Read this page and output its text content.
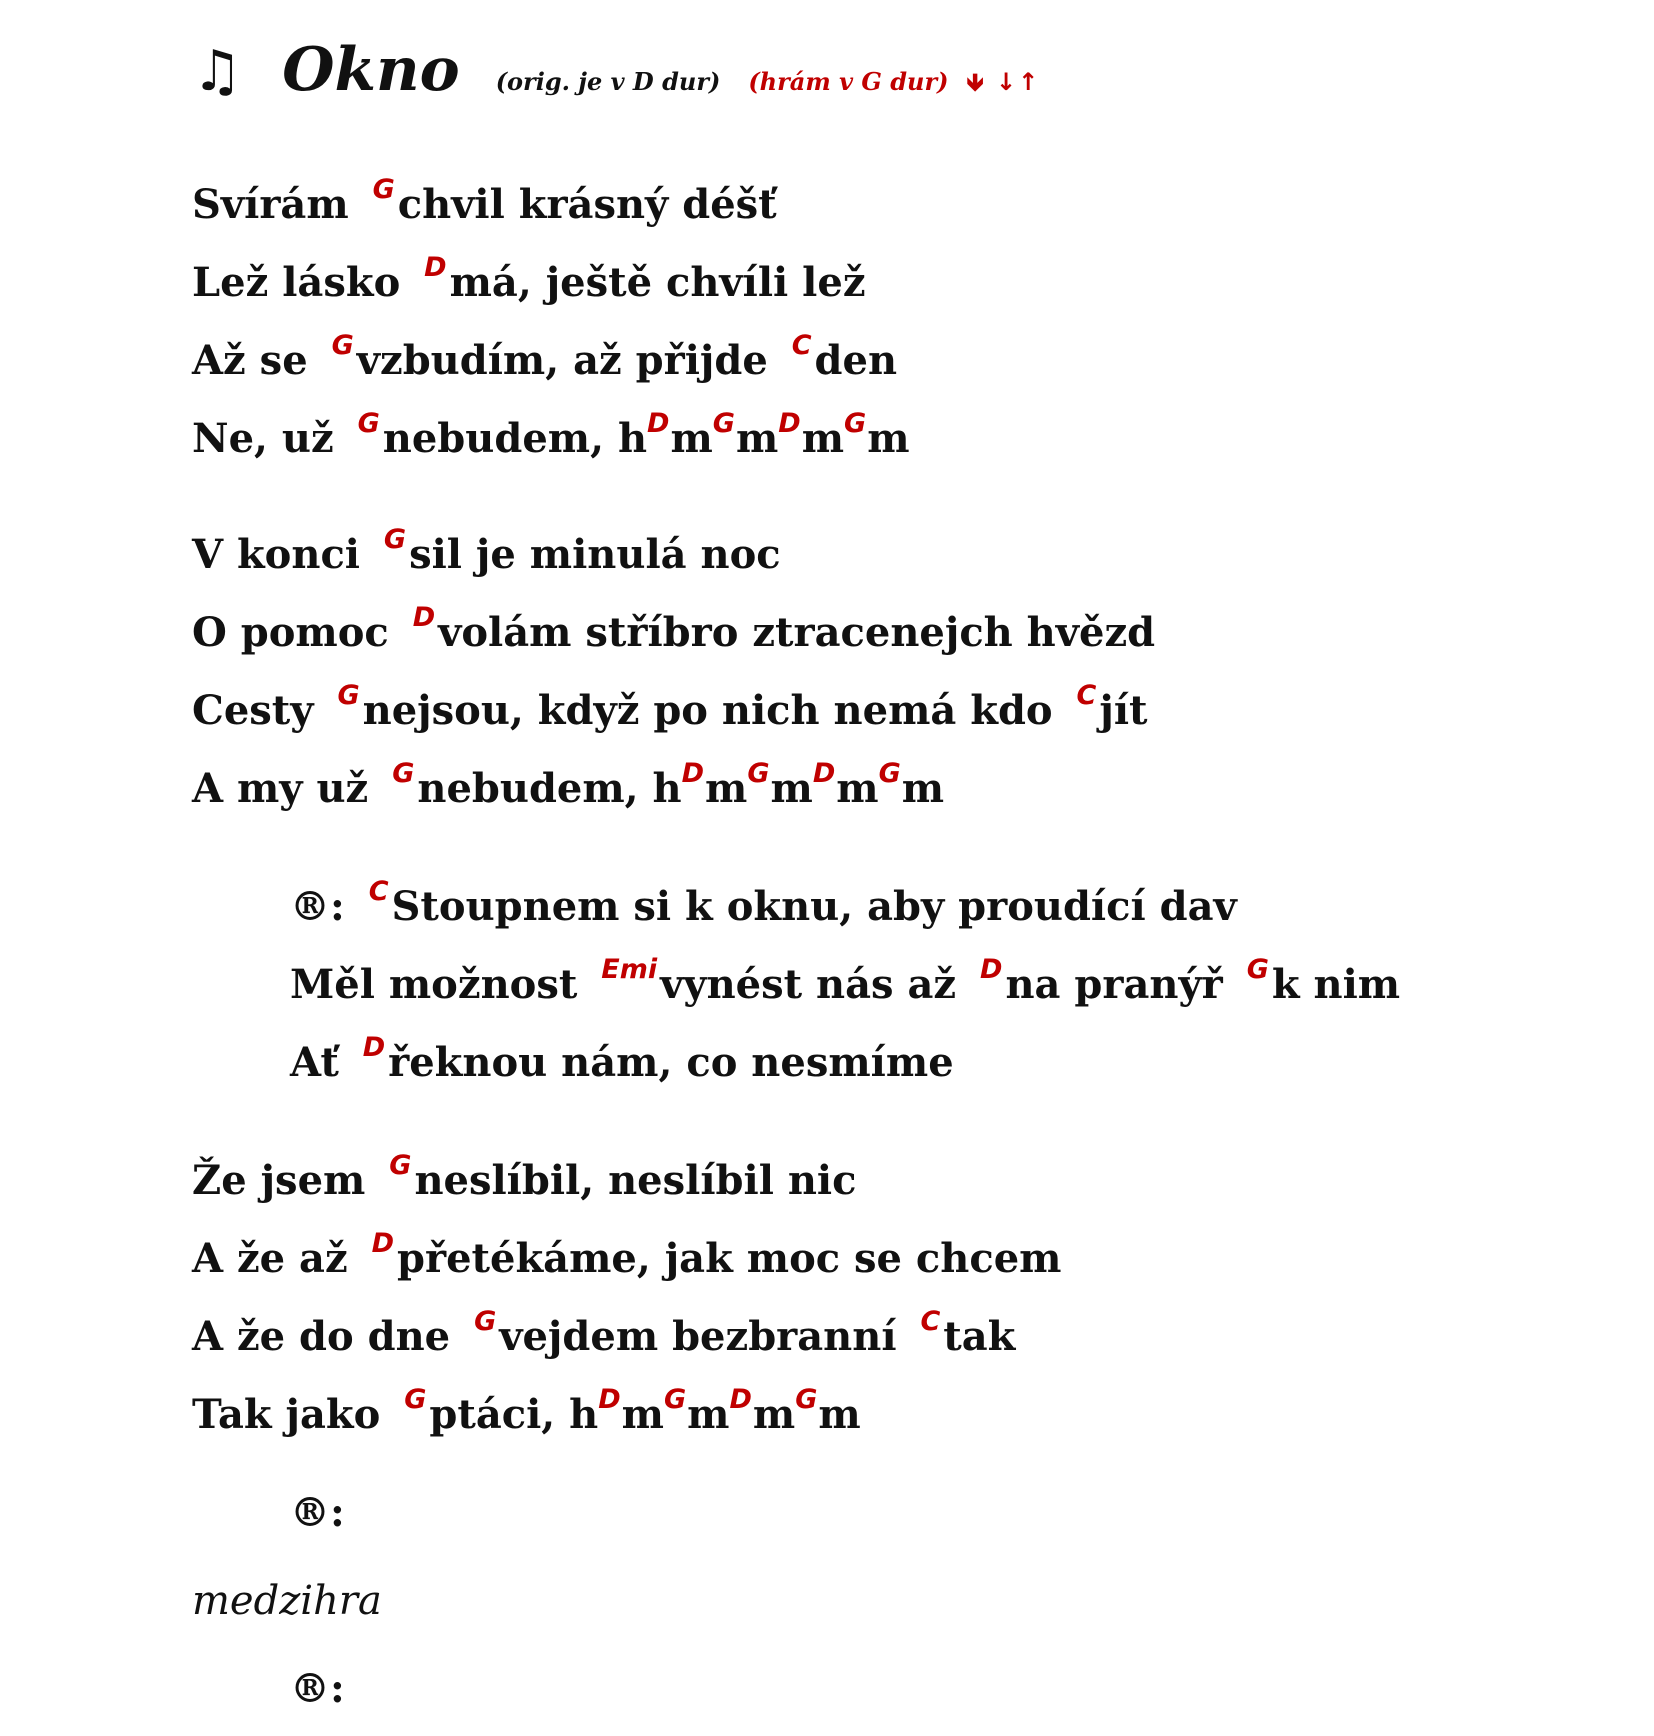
♫ Okno (orig. je v D dur) (hrám v G dur) 🡻 ↓↑
Svírám $^G$chvil krásný déšť
Lež lásko $^D$má, ještě chvíli lež
Až se $^G$vzbudím, až přijde $^C$den
Ne, už $^G$nebudem, $h^Dm^Gm^Dm^Gm$
V konci $^G$sil je minulá noc
O pomoc $^D$volám stříbro ztracenejch hvězd
Cesty $^G$nejsou, když po nich nemá kdo $^C$jít
A my už $^G$nebudem, $h^Dm^Gm^Dm^Gm$
®: $^C$Stoupnem si k oknu, aby proudící dav
Měl možnost $^{Emi}$vynést nás až $^D$na pranýř $^G$k nim
Ať $^D$řeknou nám, co nesmíme
Že jsem $^G$neslíbil, neslíbil nic
A že až $^D$přetékáme, jak moc se chcem
A že do dne $^G$vejdem bezbranní $^C$tak
Tak jako $^G$ptáci, $h^Dm^Gm^Dm^Gm$
®:
medzihra
®:
